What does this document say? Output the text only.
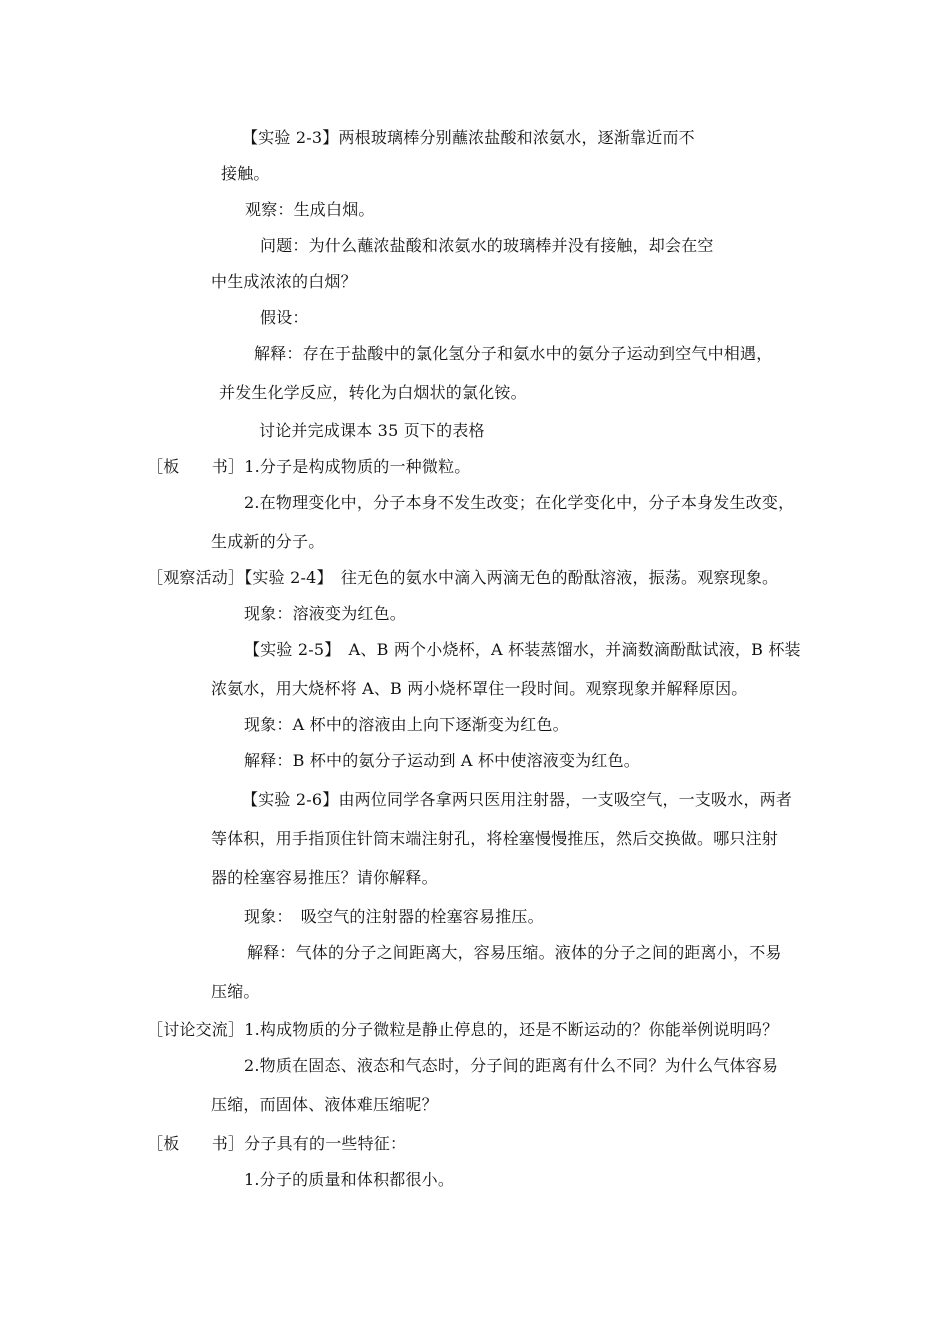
【实验 2-3】两根玻璃棒分别蘸浓盐酸和浓氨水，逐渐靠近而不
接触。
观察：生成白烟。
问题：为什么蘸浓盐酸和浓氨水的玻璃棒并没有接触，却会在空
中生成浓浓的白烟？
假设：
解释：存在于盐酸中的氯化氢分子和氨水中的氨分子运动到空气中相遇，
并发生化学反应，转化为白烟状的氯化铵。
讨论并完成课本 35 页下的表格
［板　　书］1.分子是构成物质的一种微粒。
2.在物理变化中，分子本身不发生改变；在化学变化中，分子本身发生改变，
生成新的分子。
［观察活动］【实验 2-4】　往无色的氨水中滴入两滴无色的酚酞溶液，振荡。观察现象。
现象：溶液变为红色。
【实验 2-5】　A、B 两个小烧杯，A 杯装蒸馏水，并滴数滴酚酞试液，B 杯装
浓氨水，用大烧杯将 A、B 两小烧杯罩住一段时间。观察现象并解释原因。
现象：A 杯中的溶液由上向下逐渐变为红色。
解释：B 杯中的氨分子运动到 A 杯中使溶液变为红色。
【实验 2-6】由两位同学各拿两只医用注射器，一支吸空气，一支吸水，两者
等体积，用手指顶住针筒末端注射孔，将栓塞慢慢推压，然后交换做。哪只注射
器的栓塞容易推压？请你解释。
现象：　吸空气的注射器的栓塞容易推压。
解释：气体的分子之间距离大，容易压缩。液体的分子之间的距离小，不易
压缩。
［讨论交流］1.构成物质的分子微粒是静止停息的，还是不断运动的？你能举例说明吗？
2.物质在固态、液态和气态时，分子间的距离有什么不同？为什么气体容易
压缩，而固体、液体难压缩呢？
［板　　书］分子具有的一些特征：
1.分子的质量和体积都很小。
